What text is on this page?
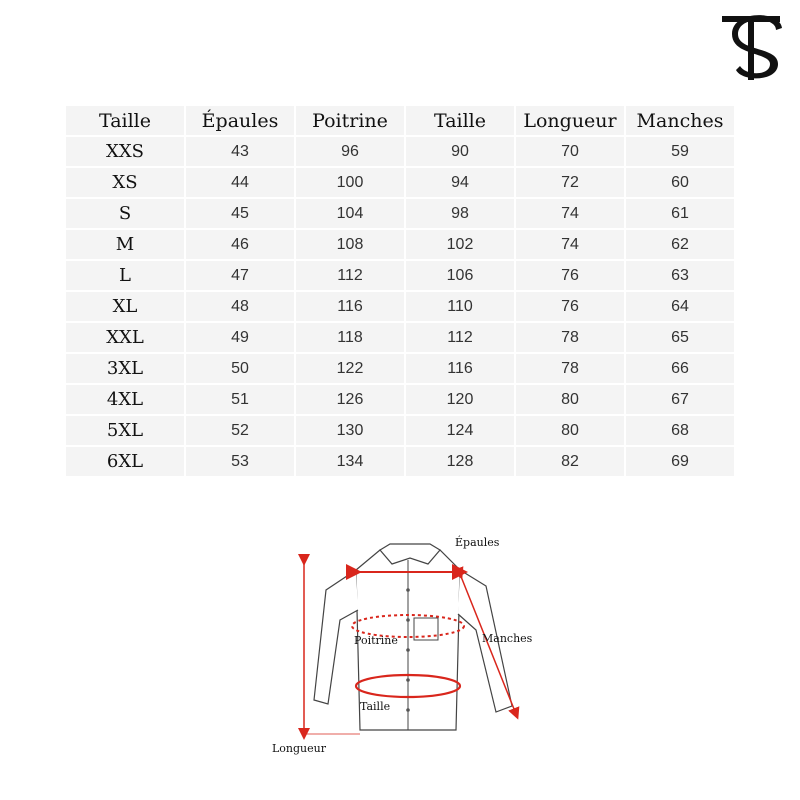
Taille	Épaules	Poitrine	Taille	Longueur	Manches
XXS	43	96	90	70	59
XS	44	100	94	72	60
S	45	104	98	74	61
M	46	108	102	74	62
L	47	112	106	76	63
XL	48	116	110	76	64
XXL	49	118	112	78	65
3XL	50	122	116	78	66
4XL	51	126	120	80	67
5XL	52	130	124	80	68
6XL	53	134	128	82	69
Épaules
Poitrine	Manches
Taille
Longueur
